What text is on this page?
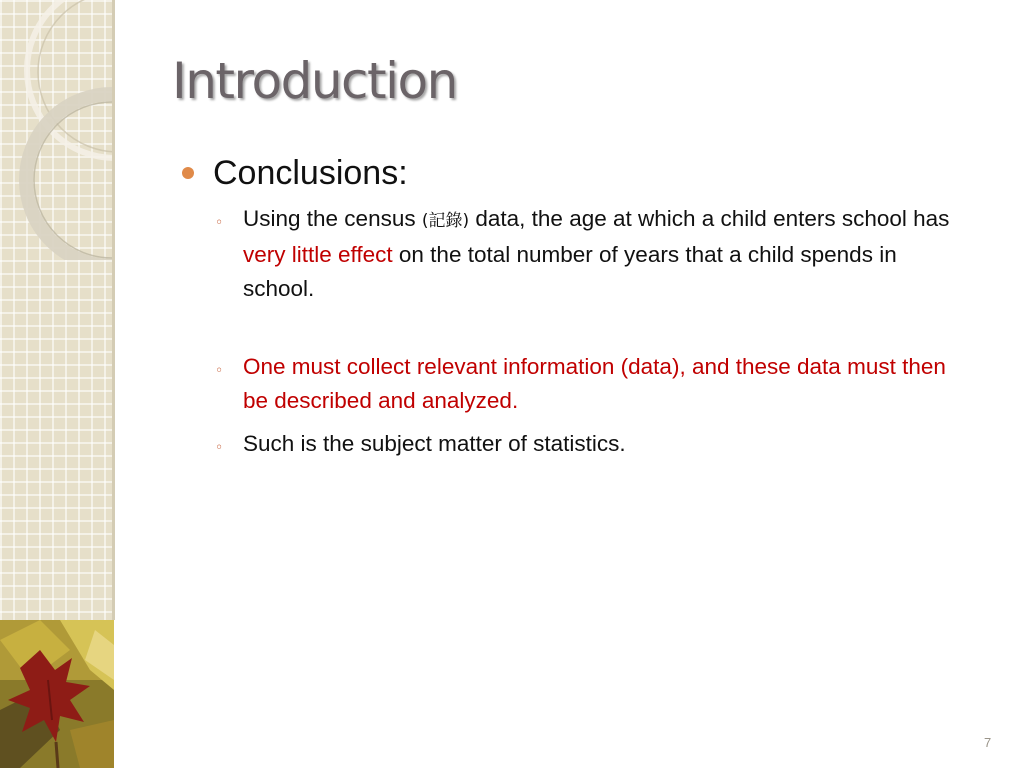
Introduction
Conclusions:
◦ Using the census (記錄) data, the age at which a child enters school has very little effect on the total number of years that a child spends in school.
◦ One must collect relevant information (data), and these data must then be described and analyzed.
◦ Such is the subject matter of statistics.
7
